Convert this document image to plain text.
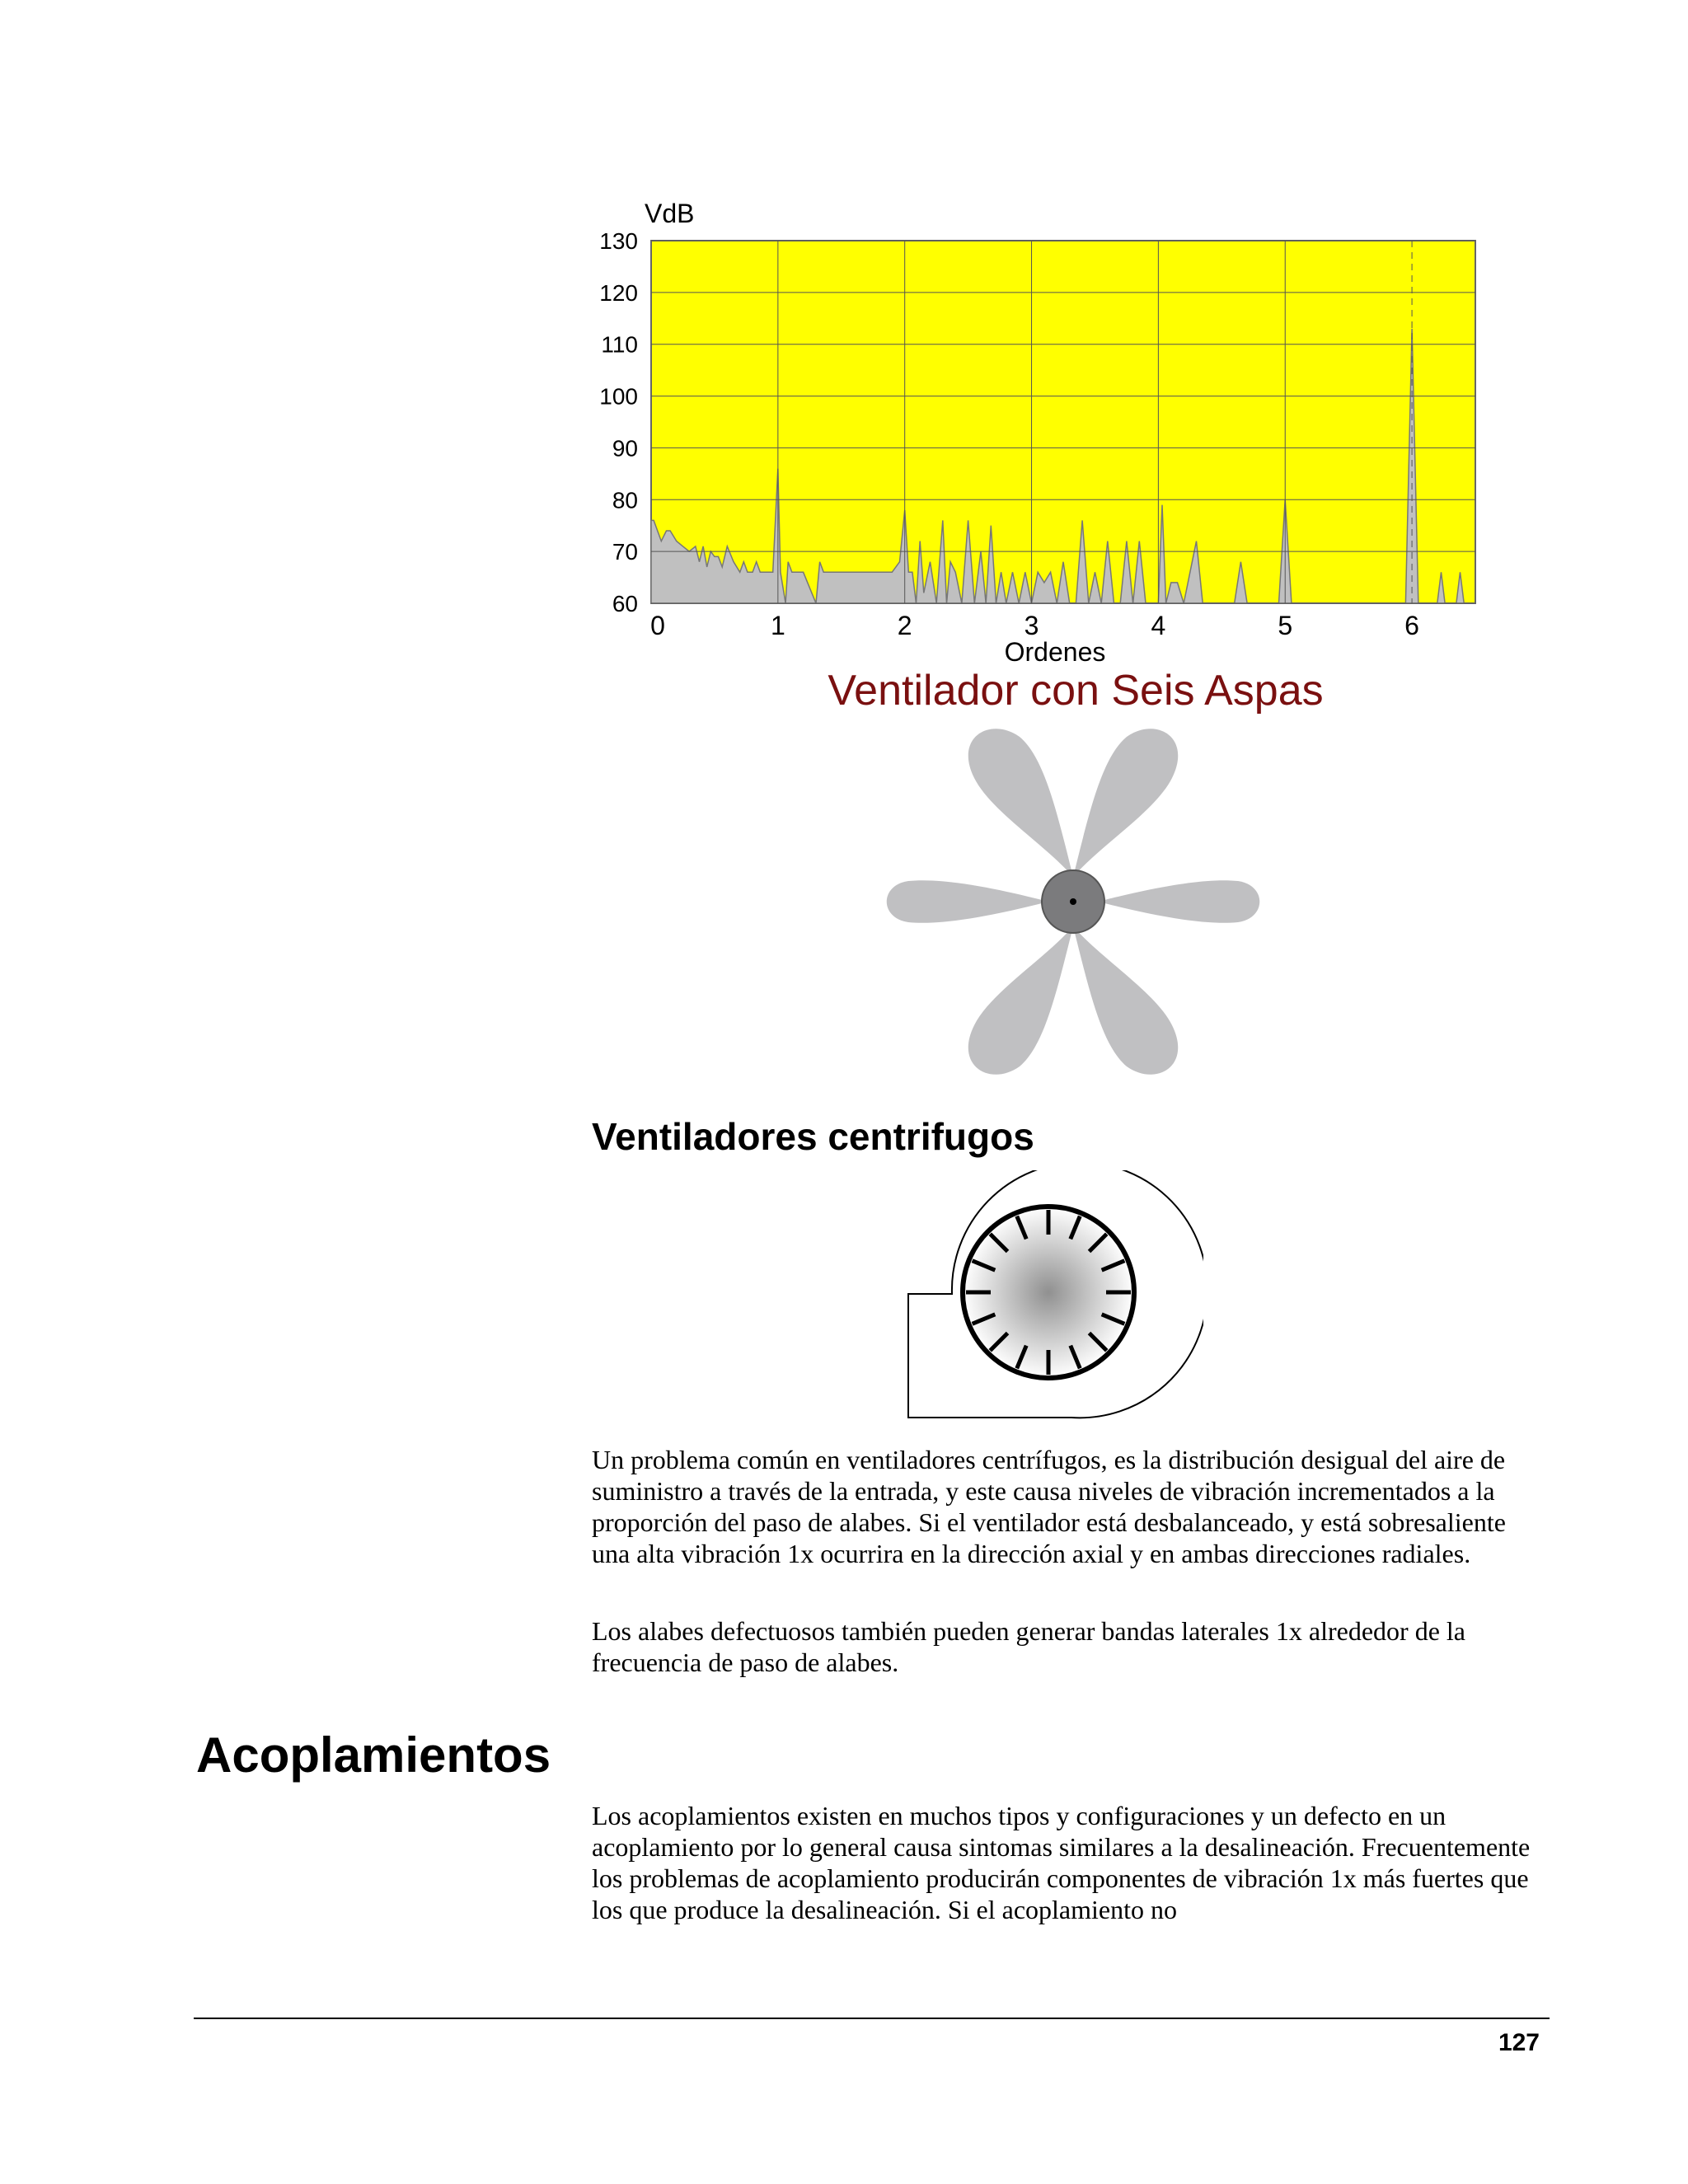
VdB
60
70
80
90
100
110
120
130
0	1	2	3	4	5	6
Ordenes
Ventilador con Seis Aspas
Ventiladores centrifugos

Un problema común en ventiladores centrífugos, es la distribución desigual del aire de suministro a través de la entrada, y este causa niveles de vibración incrementados a la proporción del paso de alabes. Si el ventilador está desbalanceado, y está sobresaliente una alta vibración 1x ocurrira en la dirección axial y en ambas direcciones radiales.

Los alabes defectuosos también pueden generar bandas laterales 1x alrededor de la frecuencia de paso de alabes.

Acoplamientos

Los acoplamientos existen en muchos tipos y configuraciones y un defecto en un acoplamiento por lo general causa sintomas similares a la desalineación. Frecuentemente los problemas de acoplamiento producirán componentes de vibración 1x más fuertes que los que produce la desalineación. Si el acoplamiento no

127
